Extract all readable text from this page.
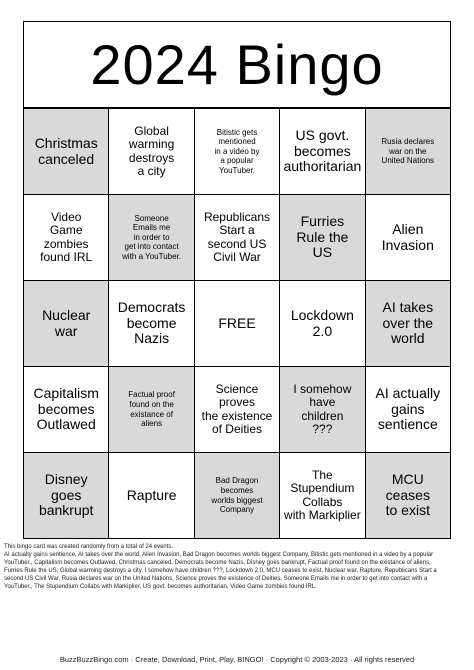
2024 Bingo
Christmas
canceled
Global
warming
destroys
a city
Bitistic gets
mentioned
in a video by
a popular
YouTuber.
US govt.
becomes
authoritarian
Rusia declares
war on the
United Nations
Video
Game
zombies
found IRL
Someone
Emails me
in order to
get into contact
with a YouTuber.
Republicans
Start a
second US
Civil War
Furries
Rule the
US
Alien
Invasion
Nuclear
war
Democrats
become
Nazis
FREE	Lockdown
2.0
AI takes
over the
world
Capitalism
becomes
Outlawed
Factual proof
found on the
existance of
aliens
Science
proves
the existence
of Deities
I somehow
have
children
???
AI actually
gains
sentience
Disney
goes
bankrupt
Rapture
Bad Dragon
becomes
worlds biggest
Company
The
Stupendium
Collabs
with Markiplier
MCU
ceases
to exist
This bingo card was created randomly from a total of 24 events.
AI actually gains sentience, AI takes over the world, Alien Invasion, Bad Dragon becomes worlds biggest Company, Bitistic gets mentioned in a video by a popular
YouTuber., Capitalism becomes Outlawed, Christmas canceled, Democrats become Nazis, Disney goes bankrupt, Factual proof found on the existance of aliens,
Furries Rule the US, Global warming destroys a city, I somehow have children ???, Lockdown 2.0, MCU ceases to exist, Nuclear war, Rapture, Republicans Start a
second US Civil War, Rusia declares war on the United Nations, Science proves the existence of Deities, Someone Emails me in order to get into contact with a
YouTuber., The Stupendium Collabs with Markiplier, US govt. becomes authoritarian, Video Game zombies found IRL.
BuzzBuzzBingo.com · Create, Download, Print, Play, BINGO! · Copyright © 2003-2023 · All rights reserved
